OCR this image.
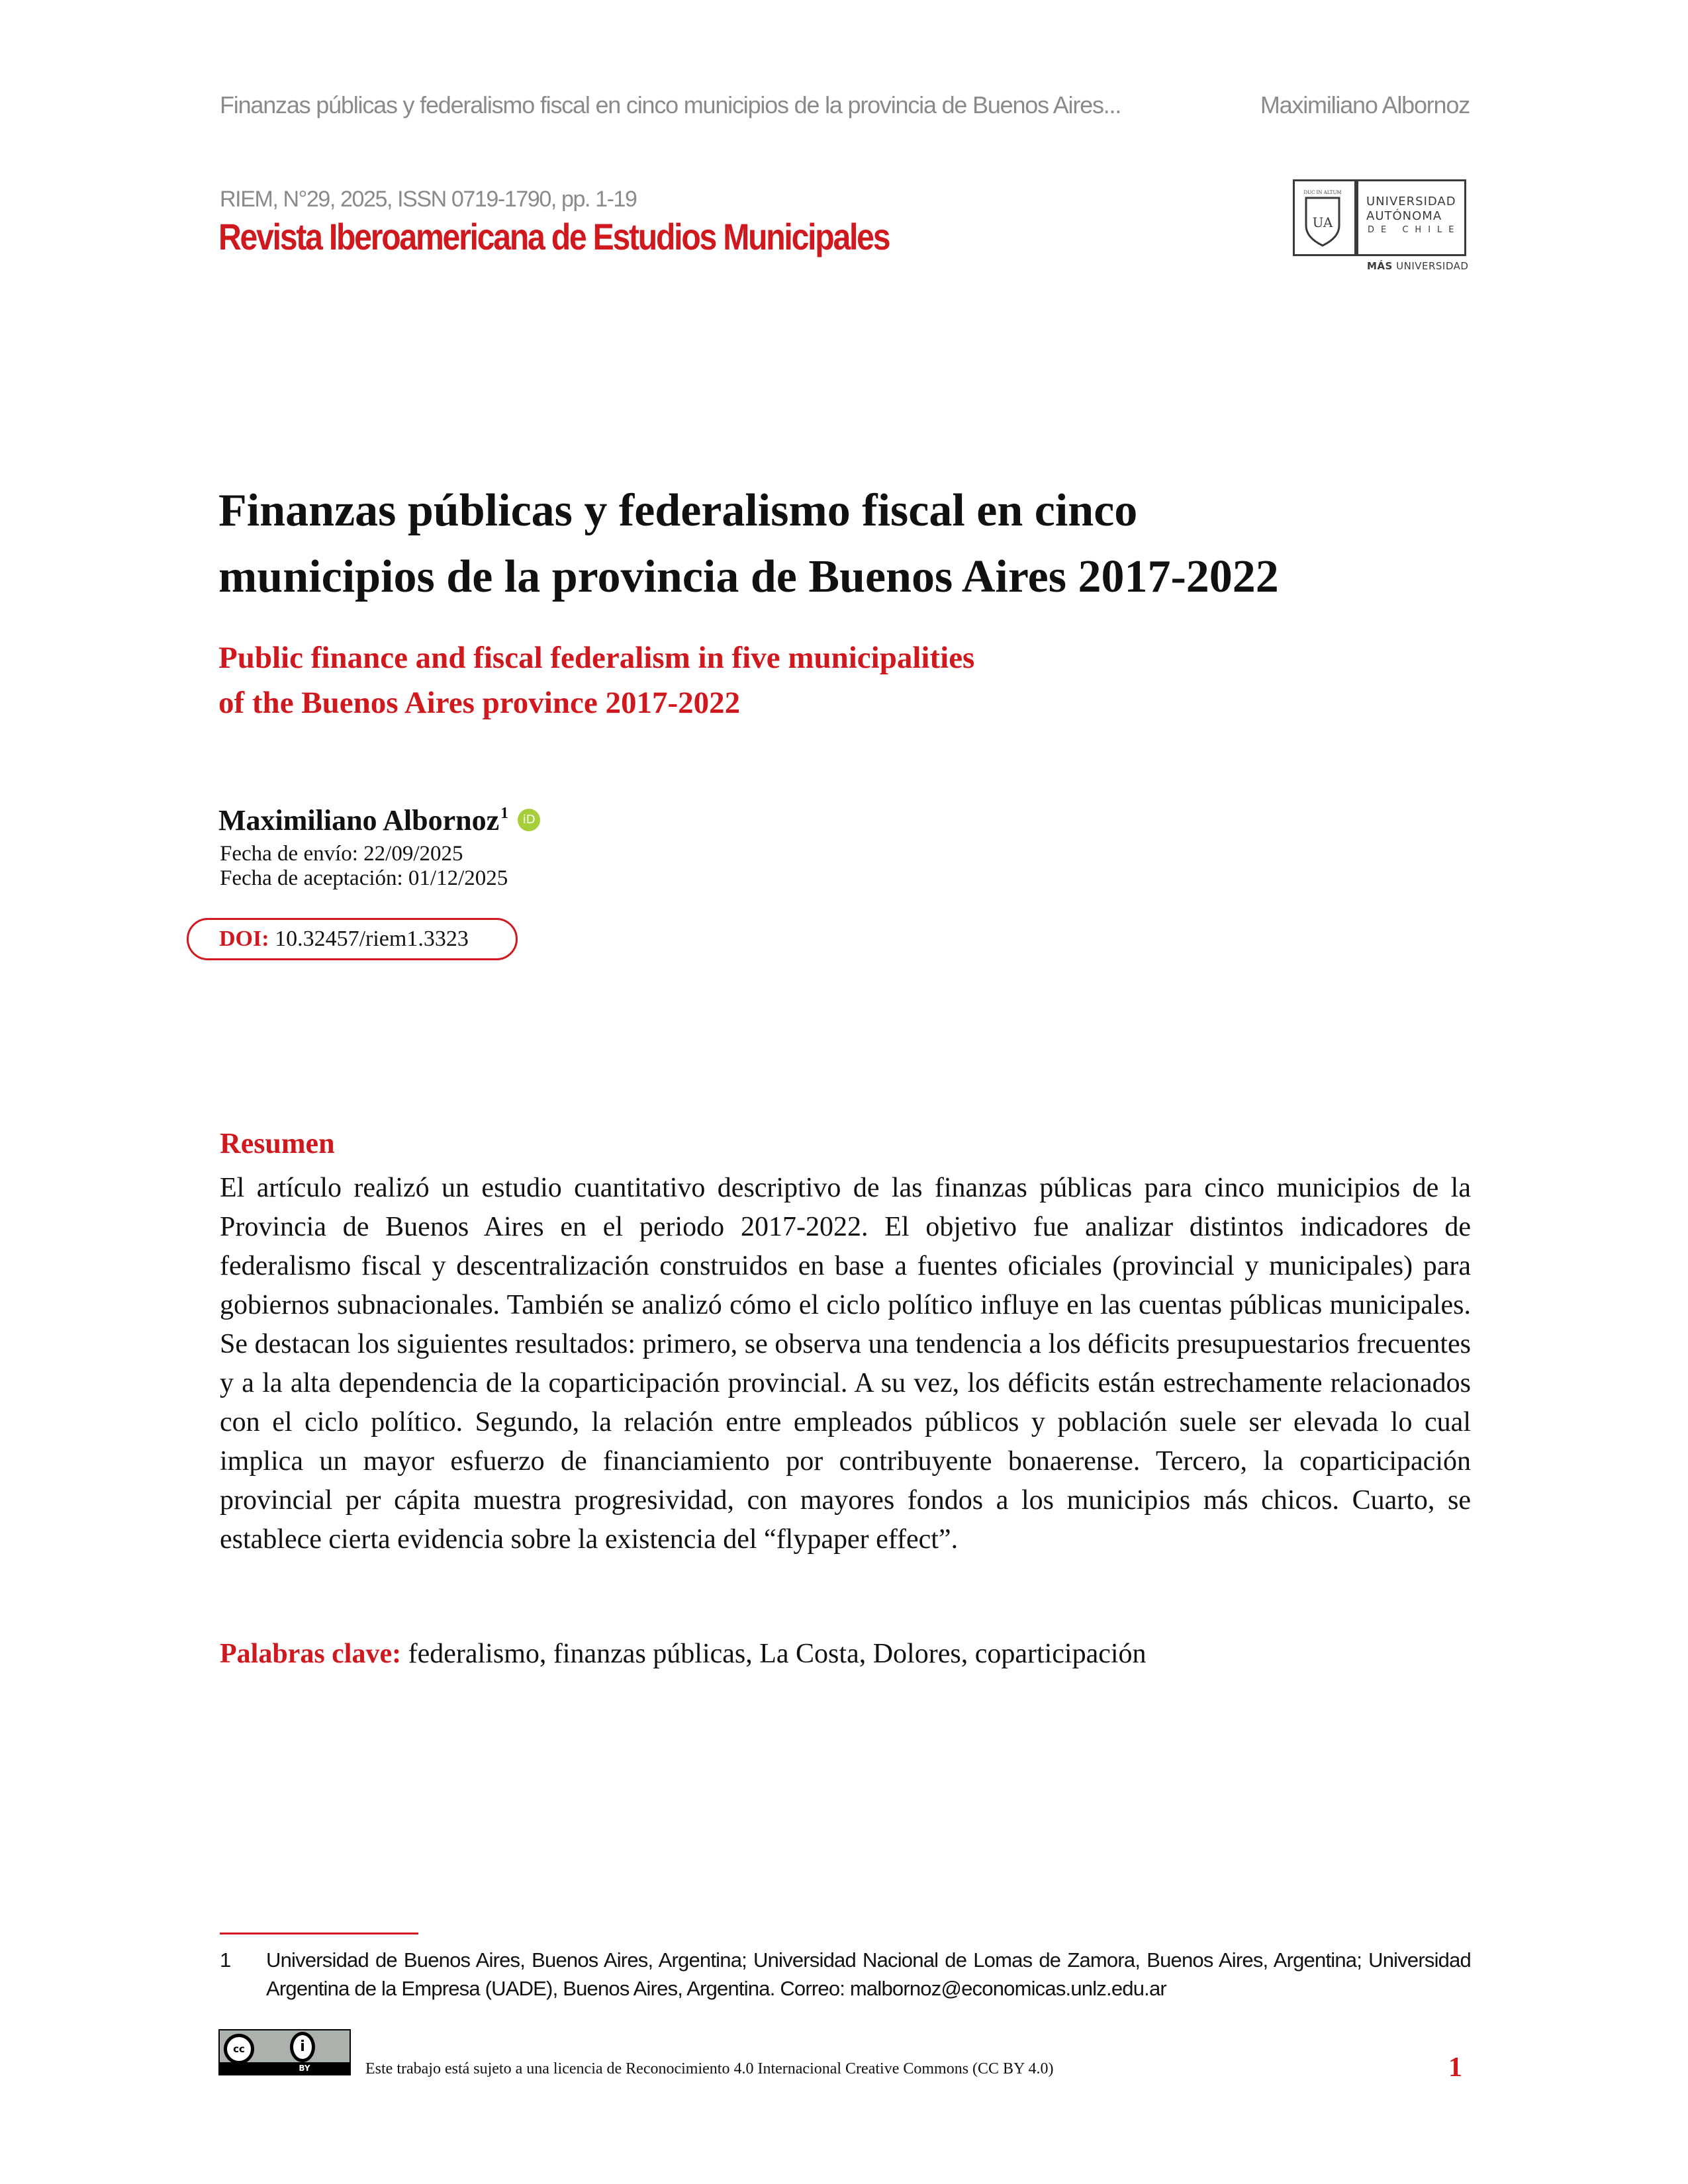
Finanzas públicas y federalismo fiscal en cinco municipios de la provincia de Buenos Aires...	Maximiliano Albornoz
RIEM, N°29, 2025, ISSN 0719-1790, pp. 1-19
Revista Iberoamericana de Estudios Municipales	UA
DUC IN ALTUM
UNIVERSIDAD
AUTÓNOMA
DE CHILE
MÁS UNIVERSIDAD
Finanzas públicas y federalismo fiscal en cinco
municipios de la provincia de Buenos Aires 2017-2022
Public finance and fiscal federalism in five municipalities
of the Buenos Aires province 2017-2022
Maximiliano Albornoz$^1$ iD
Fecha de envío: 22/09/2025
Fecha de aceptación: 01/12/2025
DOI: 10.32457/riem1.3323
Resumen
El artículo realizó un estudio cuantitativo descriptivo de las finanzas públicas para cinco municipios de la Provincia de Buenos Aires en el periodo 2017-2022. El objetivo fue analizar distintos indicadores de federalismo fiscal y descentralización construidos en base a fuentes oficiales (provincial y municipales) para gobiernos subnacionales. También se analizó cómo el ciclo político influye en las cuentas públicas municipales. Se destacan los siguientes resultados: primero, se observa una tendencia a los déficits presupuestarios frecuentes y a la alta dependencia de la coparticipación provincial. A su vez, los déficits están estrechamente relacionados con el ciclo político. Segundo, la relación entre empleados públicos y población suele ser elevada lo cual implica un mayor esfuerzo de financiamiento por contribuyente bonaerense. Tercero, la coparticipación provincial per cápita muestra progresividad, con mayores fondos a los municipios más chicos. Cuarto, se establece cierta evidencia sobre la existencia del “flypaper effect”.
Palabras clave: federalismo, finanzas públicas, La Costa, Dolores, coparticipación
1 Universidad de Buenos Aires, Buenos Aires, Argentina; Universidad Nacional de Lomas de Zamora, Buenos Aires, Argentina; Universidad Argentina de la Empresa (UADE), Buenos Aires, Argentina. Correo: malbornoz@economicas.unlz.edu.ar
cc	i
BY	Este trabajo está sujeto a una licencia de Reconocimiento 4.0 Internacional Creative Commons (CC BY 4.0)	1
